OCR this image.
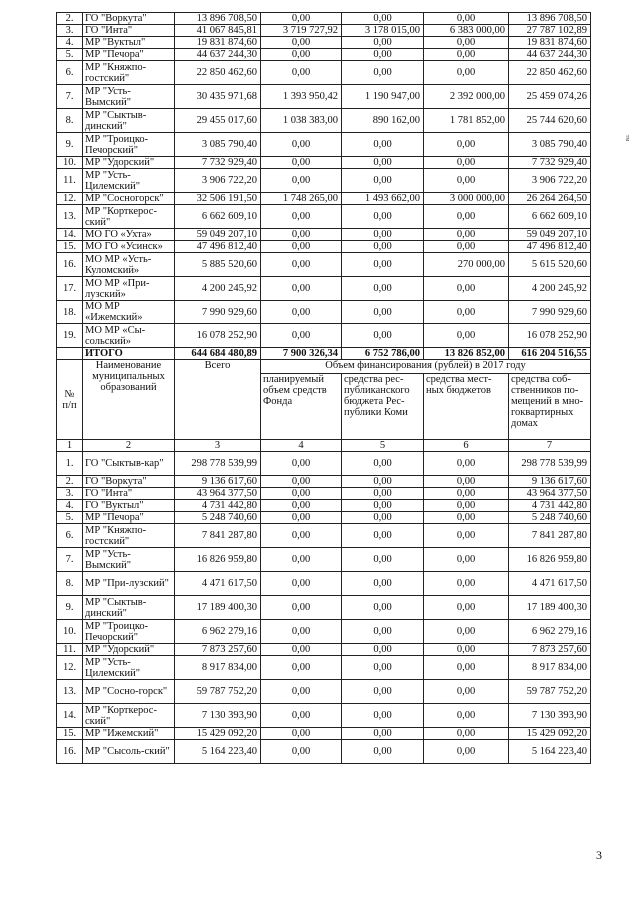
2.	ГО "Воркута"	13 896 708,50	0,00	0,00	0,00	13 896 708,50
3.	ГО "Инта"	41 067 845,81	3 719 727,92	3 178 015,00	6 383 000,00	27 787 102,89
4.	МР "Вуктыл"	19 831 874,60	0,00	0,00	0,00	19 831 874,60
5.	МР "Печора"	44 637 244,30	0,00	0,00	0,00	44 637 244,30
6.	МР "Княжпо-гостский"	22 850 462,60	0,00	0,00	0,00	22 850 462,60
7.	МР "Усть-Вымский"	30 435 971,68	1 393 950,42	1 190 947,00	2 392 000,00	25 459 074,26
8.	МР "Сыктыв-динский"	29 455 017,60	1 038 383,00	890 162,00	1 781 852,00	25 744 620,60
9.	МР "Троицко-Печорский"	3 085 790,40	0,00	0,00	0,00	3 085 790,40
10.	МР "Удорский"	7 732 929,40	0,00	0,00	0,00	7 732 929,40
11.	МР "Усть-Цилемский"	3 906 722,20	0,00	0,00	0,00	3 906 722,20
12.	МР "Сосногорск"	32 506 191,50	1 748 265,00	1 493 662,00	3 000 000,00	26 264 264,50
13.	МР "Корткерос-ский"	6 662 609,10	0,00	0,00	0,00	6 662 609,10
14.	МО ГО «Ухта»	59 049 207,10	0,00	0,00	0,00	59 049 207,10
15.	МО ГО «Усинск»	47 496 812,40	0,00	0,00	0,00	47 496 812,40
16.	МО МР «Усть-Куломский»	5 885 520,60	0,00	0,00	270 000,00	5 615 520,60
17.	МО МР «При-лузский»	4 200 245,92	0,00	0,00	0,00	4 200 245,92
18.	МО МР «Ижемский»	7 990 929,60	0,00	0,00	0,00	7 990 929,60
19.	МО МР «Сы-сольский»	16 078 252,90	0,00	0,00	0,00	16 078 252,90
	ИТОГО	644 684 480,89	7 900 326,34	6 752 786,00	13 826 852,00	616 204 516,55
№ п/п	Наименование муниципальных образований	Всего	Объем финансирования (рублей) в 2017 году			
			планируемый объем средств Фонда	средства рес-публиканского бюджета Рес-публики Коми	средства мест-ных бюджетов	средства соб-ственников по-мещений в мно-гоквартирных домах
1	2	3	4	5	6	7
1.	ГО "Сыктыв-кар"	298 778 539,99	0,00	0,00	0,00	298 778 539,99
2.	ГО "Воркута"	9 136 617,60	0,00	0,00	0,00	9 136 617,60
3.	ГО "Инта"	43 964 377,50	0,00	0,00	0,00	43 964 377,50
4.	ГО "Вуктыл"	4 731 442,80	0,00	0,00	0,00	4 731 442,80
5.	МР "Печора"	5 248 740,60	0,00	0,00	0,00	5 248 740,60
6.	МР "Княжпо-гостский"	7 841 287,80	0,00	0,00	0,00	7 841 287,80
7.	МР "Усть-Вымский"	16 826 959,80	0,00	0,00	0,00	16 826 959,80
8.	МР "При-лузский"	4 471 617,50	0,00	0,00	0,00	4 471 617,50
9.	МР "Сыктыв-динский"	17 189 400,30	0,00	0,00	0,00	17 189 400,30
10.	МР "Троицко-Печорский"	6 962 279,16	0,00	0,00	0,00	6 962 279,16
11.	МР "Удорский"	7 873 257,60	0,00	0,00	0,00	7 873 257,60
12.	МР "Усть-Цилемский"	8 917 834,00	0,00	0,00	0,00	8 917 834,00
13.	МР "Сосно-горск"	59 787 752,20	0,00	0,00	0,00	59 787 752,20
14.	МР "Корткерос-ский"	7 130 393,90	0,00	0,00	0,00	7 130 393,90
15.	МР "Ижемский"	15 429 092,20	0,00	0,00	0,00	15 429 092,20
16.	МР "Сысоль-ский"	5 164 223,40	0,00	0,00	0,00	5 164 223,40
3
тм
